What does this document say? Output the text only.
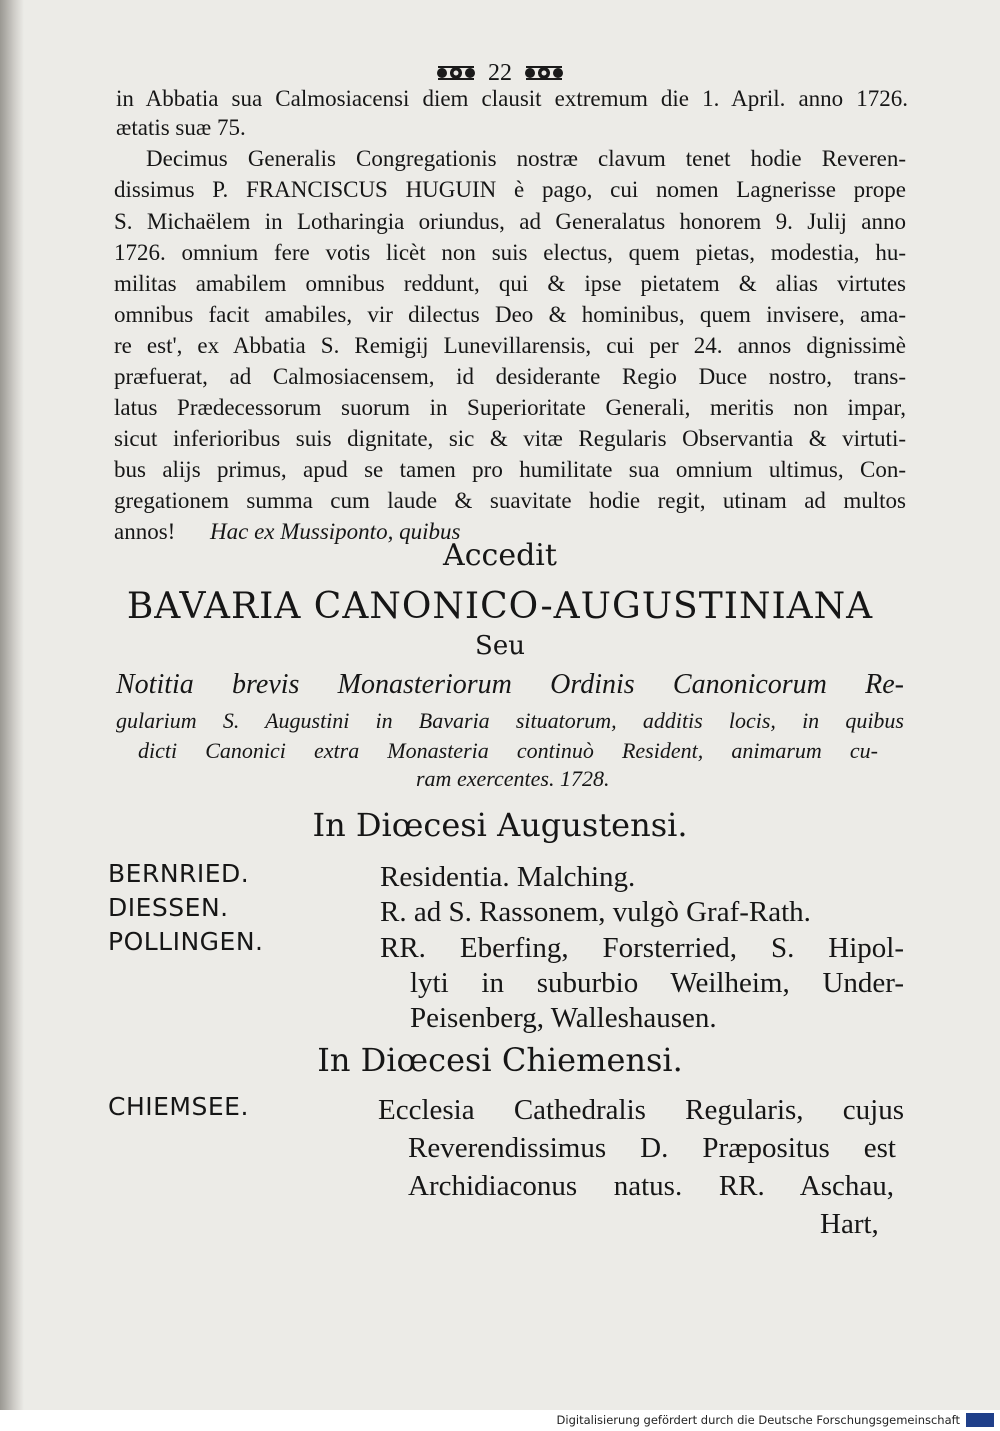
22
in Abbatia sua Calmosiacensi diem clausit extremum die 1. April. anno 1726.
ætatis suæ 75.
Decimus Generalis Congregationis nostræ clavum tenet hodie Reveren-
dissimus P. FRANCISCUS HUGUIN è pago, cui nomen Lagnerisse prope
S. Michaëlem in Lotharingia oriundus, ad Generalatus honorem 9. Julij anno
1726. omnium fere votis licèt non suis electus, quem pietas, modestia, hu-
militas amabilem omnibus reddunt, qui & ipse pietatem & alias virtutes
omnibus facit amabiles, vir dilectus Deo & hominibus, quem invisere, ama-
re est', ex Abbatia S. Remigij Lunevillarensis, cui per 24. annos dignissimè
præfuerat, ad Calmosiacensem, id desiderante Regio Duce nostro, trans-
latus Prædecessorum suorum in Superioritate Generali, meritis non impar,
sicut inferioribus suis dignitate, sic & vitæ Regularis Observantia & virtuti-
bus alijs primus, apud se tamen pro humilitate sua omnium ultimus, Con-
gregationem summa cum laude & suavitate hodie regit, utinam ad multos
annos! Hac ex Mussiponto, quibus
Accedit
BAVARIA CANONICO-AUGUSTINIANA
Seu
Notitia brevis Monasteriorum Ordinis Canonicorum Re-
gularium S. Augustini in Bavaria situatorum, additis locis, in quibus
dicti Canonici extra Monasteria continuò Resident, animarum cu-
ram exercentes. 1728.
In Diœcesi Augustensi.
BERNRIED.	Residentia. Malching.
DIESSEN.	R. ad S. Rassonem, vulgò Graf-Rath.
POLLINGEN.	RR. Eberfing, Forsterried, S. Hipol-
lyti in suburbio Weilheim, Under-
Peisenberg, Walleshausen.
In Diœcesi Chiemensi.
CHIEMSEE.	Ecclesia Cathedralis Regularis, cujus
Reverendissimus D. Præpositus est
Archidiaconus natus. RR. Aschau,
Hart,
Digitalisierung gefördert durch die Deutsche Forschungsgemeinschaft
